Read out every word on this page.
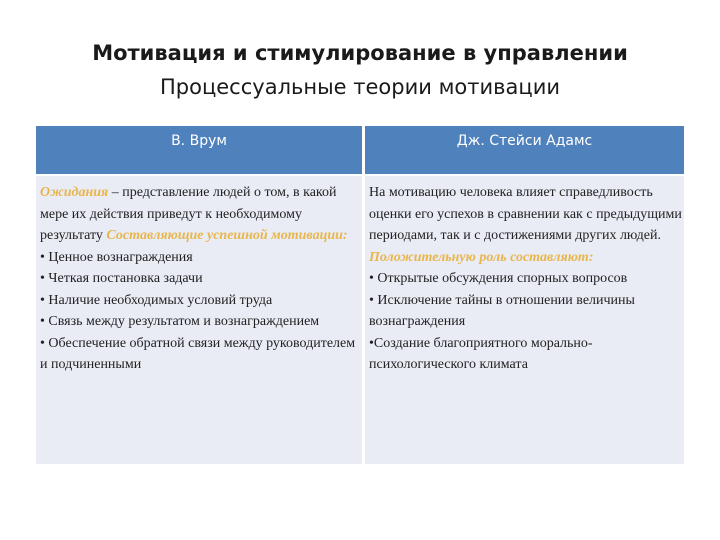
Мотивация и стимулирование в управлении
Процессуальные теории мотивации
В. Врум	Дж. Стейси Адамс

Ожидания – представление людей о том, в какой мере их действия приведут к необходимому результату Составляющие успешной мотивации:

• Ценное вознаграждения

• Четкая постановка задачи

• Наличие необходимых условий труда

• Связь между результатом и вознаграждением

• Обеспечение обратной связи между руководителем и подчиненными

На мотивацию человека влияет справедливость оценки его успехов в сравнении как с предыдущими периодами, так и с достижениями других людей.

Положительную роль составляют:

• Открытые обсуждения спорных вопросов

• Исключение тайны в отношении величины вознаграждения

•Создание благоприятного морально-психологического климата
